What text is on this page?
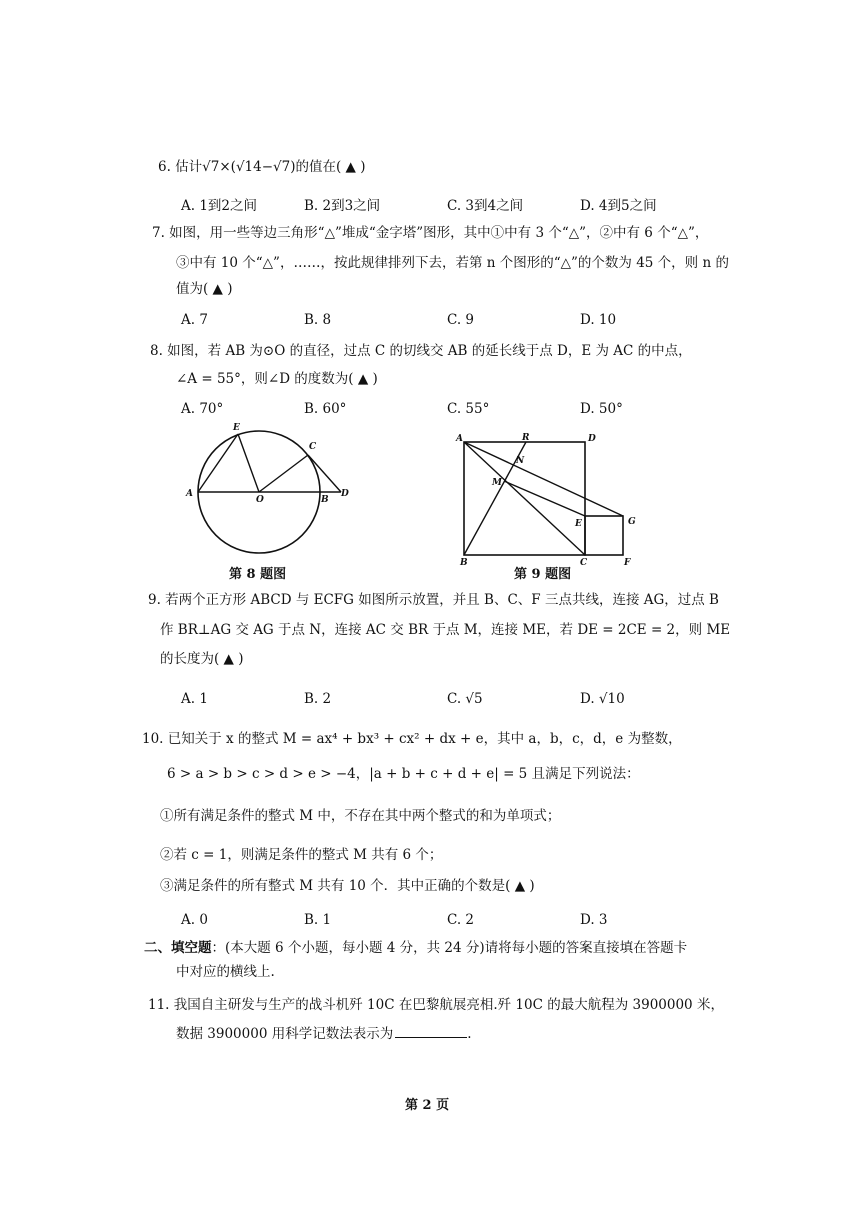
6. 估计√7×(√14−√7)的值在( ▲ )
A. 1到2之间	B. 2到3之间	C. 3到4之间	D. 4到5之间
7. 如图，用一些等边三角形“△”堆成“金字塔”图形，其中①中有 3 个“△”，②中有 6 个“△”，
③中有 10 个“△”，……，按此规律排列下去，若第 n 个图形的“△”的个数为 45 个，则 n 的
值为( ▲ )
A. 7	B. 8	C. 9	D. 10
8. 如图，若 AB 为⊙O 的直径，过点 C 的切线交 AB 的延长线于点 D，E 为 AC 的中点，
∠A = 55°，则∠D 的度数为( ▲ )
A. 70°	B. 60°	C. 55°	D. 50°
E
C
A
O	B
D
第 8 题图
A	R	D
N
M
E	G
B	C	F
第 9 题图
9. 若两个正方形 ABCD 与 ECFG 如图所示放置，并且 B、C、F 三点共线，连接 AG，过点 B
作 BR⊥AG 交 AG 于点 N，连接 AC 交 BR 于点 M，连接 ME，若 DE = 2CE = 2，则 ME
的长度为( ▲ )
A. 1	B. 2	C. √5	D. √10
10. 已知关于 x 的整式 M = ax⁴ + bx³ + cx² + dx + e，其中 a，b，c，d，e 为整数，
6 > a > b > c > d > e > −4，|a + b + c + d + e| = 5 且满足下列说法：
①所有满足条件的整式 M 中，不存在其中两个整式的和为单项式；
②若 c = 1，则满足条件的整式 M 共有 6 个；
③满足条件的所有整式 M 共有 10 个．其中正确的个数是( ▲ )
A. 0	B. 1	C. 2	D. 3
二、填空题：(本大题 6 个小题，每小题 4 分，共 24 分)请将每小题的答案直接填在答题卡
中对应的横线上.
11. 我国自主研发与生产的战斗机歼 10C 在巴黎航展亮相.歼 10C 的最大航程为 3900000 米，
数据 3900000 用科学记数法表示为	.
第 2 页
